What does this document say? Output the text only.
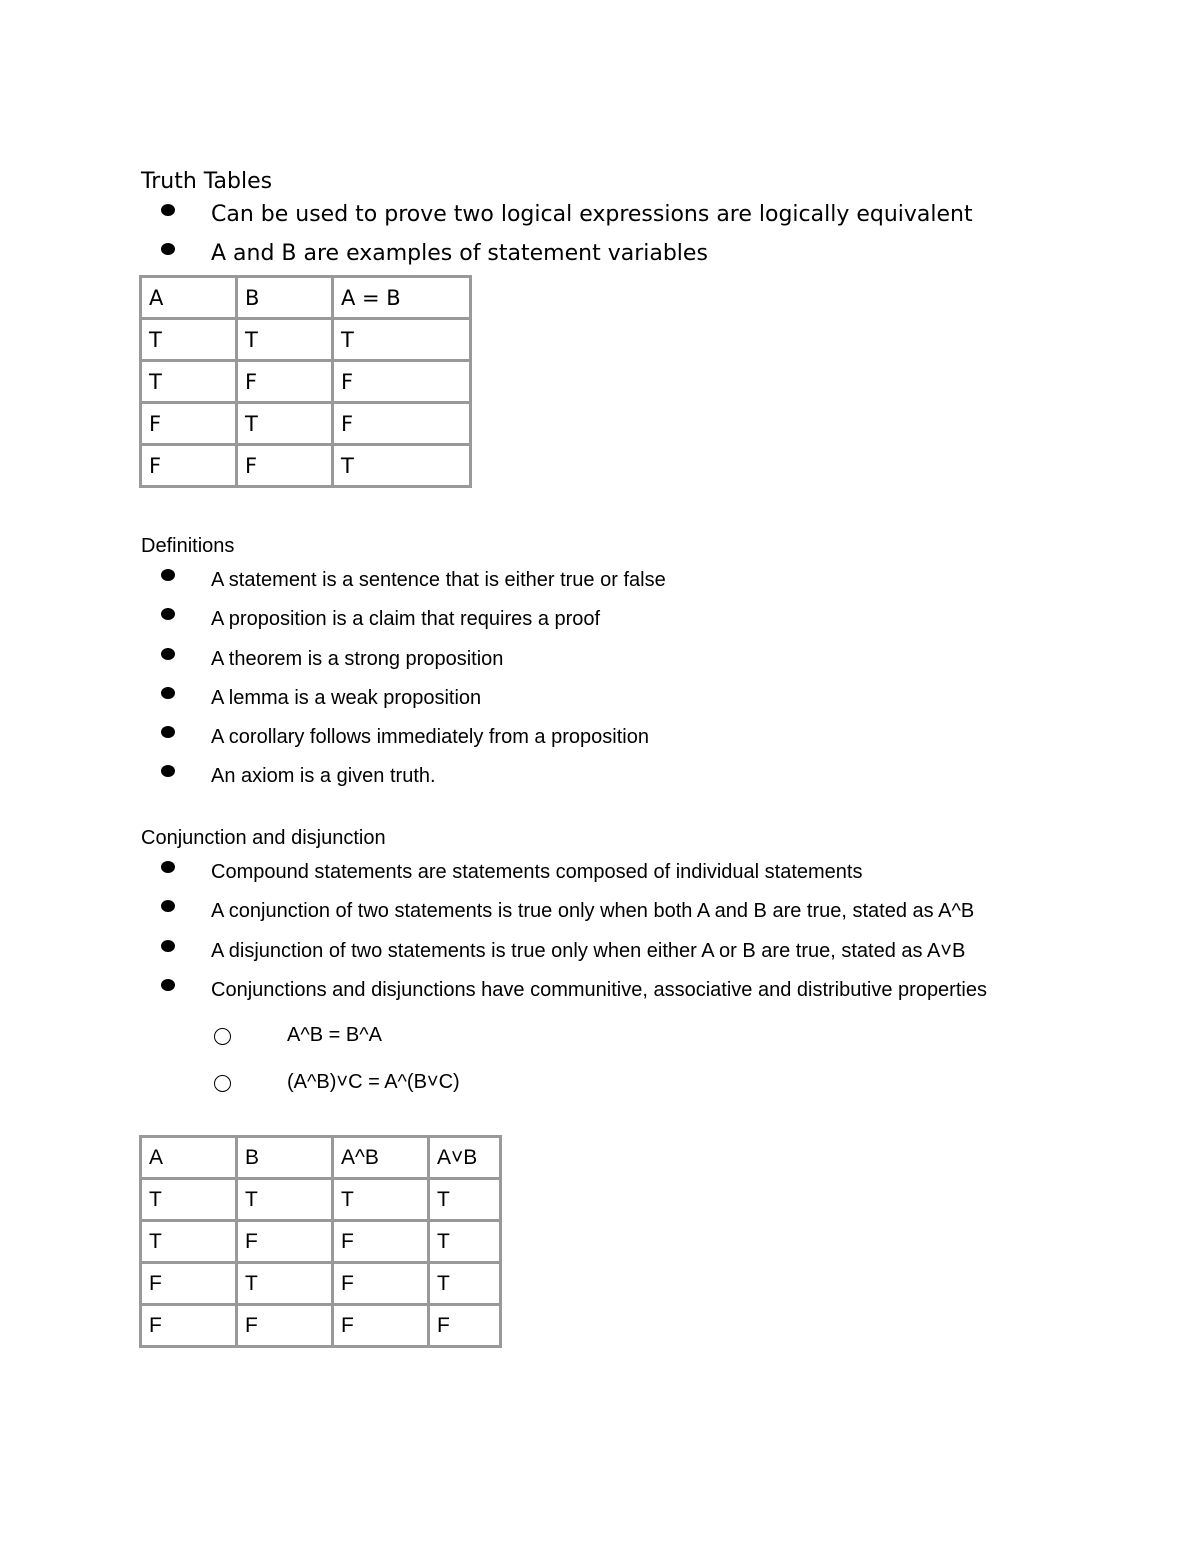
Truth Tables
Can be used to prove two logical expressions are logically equivalent
A and B are examples of statement variables
A	B	A = B
T	T	T
T	F	F
F	T	F
F	F	T
Definitions
A statement is a sentence that is either true or false
A proposition is a claim that requires a proof
A theorem is a strong proposition
A lemma is a weak proposition
A corollary follows immediately from a proposition
An axiom is a given truth.
Conjunction and disjunction
Compound statements are statements composed of individual statements
A conjunction of two statements is true only when both A and B are true, stated as A^B
A disjunction of two statements is true only when either A or B are true, stated as A˅B
Conjunctions and disjunctions have communitive, associative and distributive properties
A^B = B^A
(A^B)˅C = A^(B˅C)
A	B	A^B	A˅B
T	T	T	T
T	F	F	T
F	T	F	T
F	F	F	F
